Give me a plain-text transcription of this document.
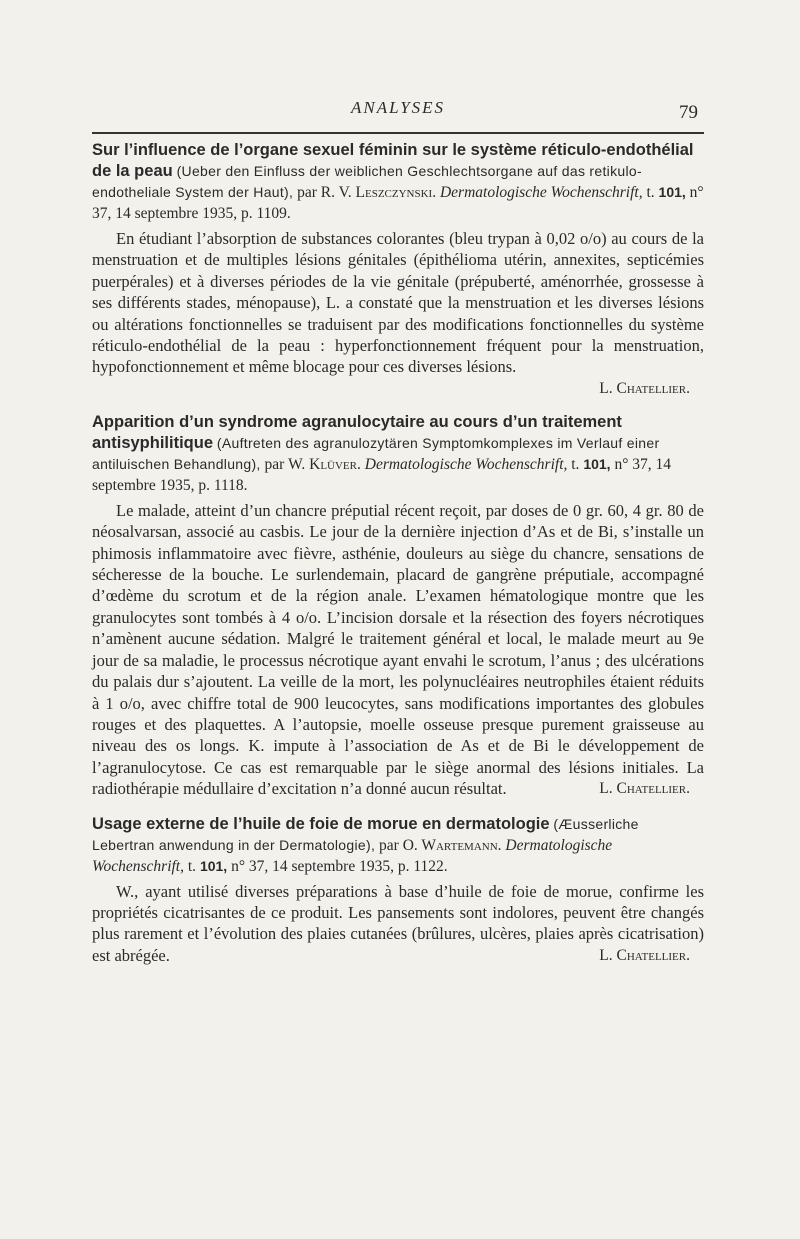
ANALYSES	79
Sur l’influence de l’organe sexuel féminin sur le système réticulo-endothélial de la peau (Ueber den Einfluss der weiblichen Geschlechtsorgane auf das retikulo-endotheliale System der Haut), par R. V. Leszczynski. Dermatologische Wochenschrift, t. 101, n° 37, 14 septembre 1935, p. 1109.

En étudiant l’absorption de substances colorantes (bleu trypan à 0,02 o/o) au cours de la menstruation et de multiples lésions génitales (épithélioma utérin, annexites, septicémies puerpérales) et à diverses périodes de la vie génitale (prépuberté, aménorrhée, grossesse à ses différents stades, ménopause), L. a constaté que la menstruation et les diverses lésions ou altérations fonctionnelles se traduisent par des modifications fonctionnelles du système réticulo-endothélial de la peau : hyperfonctionnement fréquent pour la menstruation, hypofonctionnement et même blocage pour ces diverses lésions.

L. Chatellier.
Apparition d’un syndrome agranulocytaire au cours d’un traitement antisyphilitique (Auftreten des agranulozytären Symptomkomplexes im Verlauf einer antiluischen Behandlung), par W. Klüver. Dermatologische Wochenschrift, t. 101, n° 37, 14 septembre 1935, p. 1118.

Le malade, atteint d’un chancre préputial récent reçoit, par doses de 0 gr. 60, 4 gr. 80 de néosalvarsan, associé au casbis. Le jour de la dernière injection d’As et de Bi, s’installe un phimosis inflammatoire avec fièvre, asthénie, douleurs au siège du chancre, sensations de sécheresse de la bouche. Le surlendemain, placard de gangrène préputiale, accompagné d’œdème du scrotum et de la région anale. L’examen hématologique montre que les granulocytes sont tombés à 4 o/o. L’incision dorsale et la résection des foyers nécrotiques n’amènent aucune sédation. Malgré le traitement général et local, le malade meurt au 9e jour de sa maladie, le processus nécrotique ayant envahi le scrotum, l’anus ; des ulcérations du palais dur s’ajoutent. La veille de la mort, les polynucléaires neutrophiles étaient réduits à 1 o/o, avec chiffre total de 900 leucocytes, sans modifications importantes des globules rouges et des plaquettes. A l’autopsie, moelle osseuse presque purement graisseuse au niveau des os longs. K. impute à l’association de As et de Bi le développement de l’agranulocytose. Ce cas est remarquable par le siège anormal des lésions initiales. La radiothérapie médullaire d’excitation n’a donné aucun résultat.	L. Chatellier.

Usage externe de l’huile de foie de morue en dermatologie (Æusserliche Lebertran anwendung in der Dermatologie), par O. Wartemann. Dermatologische Wochenschrift, t. 101, n° 37, 14 septembre 1935, p. 1122.

W., ayant utilisé diverses préparations à base d’huile de foie de morue, confirme les propriétés cicatrisantes de ce produit. Les pansements sont indolores, peuvent être changés plus rarement et l’évolution des plaies cutanées (brûlures, ulcères, plaies après cicatrisation) est abrégée.	L. Chatellier.
